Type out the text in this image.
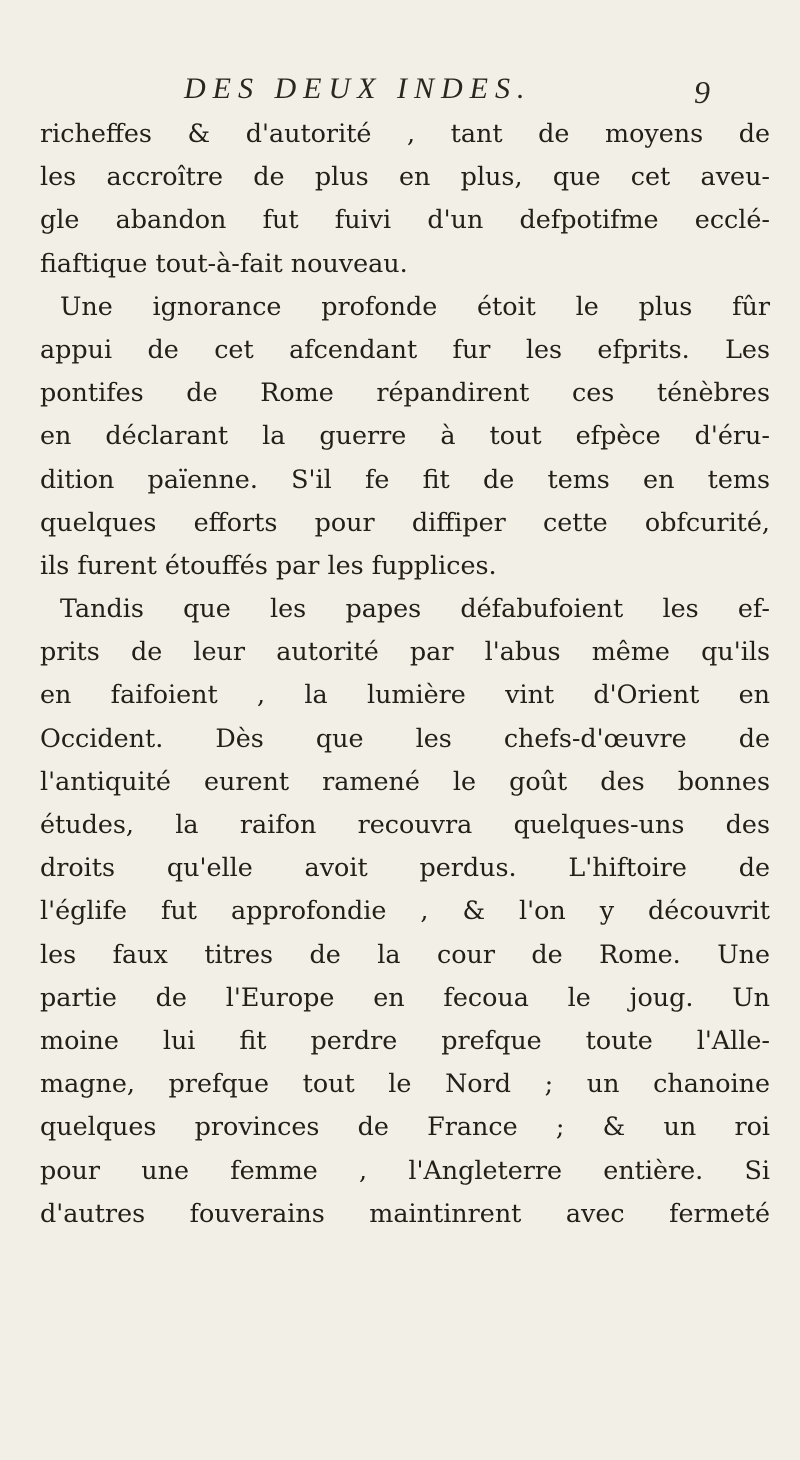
DES DEUX INDES.	9
richeffes & d'autorité , tant de moyens de
les accroître de plus en plus, que cet aveu-
gle abandon fut fuivi d'un defpotifme ecclé-
fiaftique tout-à-fait nouveau.
Une ignorance profonde étoit le plus fûr
appui de cet afcendant fur les efprits. Les
pontifes de Rome répandirent ces ténèbres
en déclarant la guerre à tout efpèce d'éru-
dition païenne. S'il fe fit de tems en tems
quelques efforts pour diffiper cette obfcurité,
ils furent étouffés par les fupplices.
Tandis que les papes défabufoient les ef-
prits de leur autorité par l'abus même qu'ils
en faifoient , la lumière vint d'Orient en
Occident. Dès que les chefs-d'œuvre de
l'antiquité eurent ramené le goût des bonnes
études, la raifon recouvra quelques-uns des
droits qu'elle avoit perdus. L'hiftoire de
l'églife fut approfondie , & l'on y découvrit
les faux titres de la cour de Rome. Une
partie de l'Europe en fecoua le joug. Un
moine lui fit perdre prefque toute l'Alle-
magne, prefque tout le Nord ; un chanoine
quelques provinces de France ; & un roi
pour une femme , l'Angleterre entière. Si
d'autres fouverains maintinrent avec fermeté
